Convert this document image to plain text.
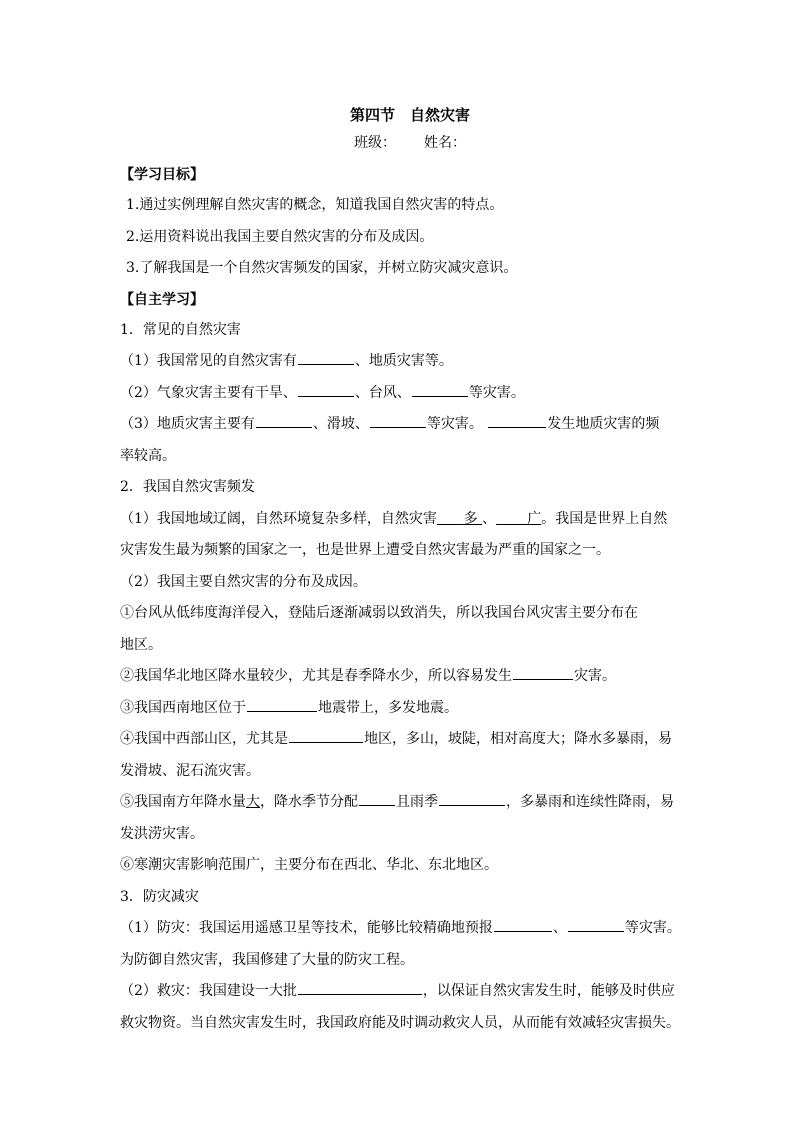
第四节　自然灾害
班级： 姓名：
【学习目标】
1.通过实例理解自然灾害的概念，知道我国自然灾害的特点。
2.运用资料说出我国主要自然灾害的分布及成因。
3.了解我国是一个自然灾害频发的国家，并树立防灾减灾意识。
【自主学习】
1．常见的自然灾害
（1）我国常见的自然灾害有	、地质灾害等。
（2）气象灾害主要有干旱、	、台风、	等灾害。
（3）地质灾害主要有	、滑坡、	等灾害。	发生地质灾害的频
率较高。
2．我国自然灾害频发
（1）我国地域辽阔，自然环境复杂多样，自然灾害 多 、 广。我国是世界上自然
灾害发生最为频繁的国家之一，也是世界上遭受自然灾害最为严重的国家之一。
（2）我国主要自然灾害的分布及成因。
①台风从低纬度海洋侵入，登陆后逐渐减弱以致消失，所以我国台风灾害主要分布在
地区。
②我国华北地区降水量较少，尤其是春季降水少，所以容易发生	灾害。
③我国西南地区位于	地震带上，多发地震。
④我国中西部山区，尤其是	地区，多山，坡陡，相对高度大；降水多暴雨，易
发滑坡、泥石流灾害。
⑤我国南方年降水量大，降水季节分配	且雨季	，多暴雨和连续性降雨，易
发洪涝灾害。
⑥寒潮灾害影响范围广，主要分布在西北、华北、东北地区。
3．防灾减灾
（1）防灾：我国运用遥感卫星等技术，能够比较精确地预报	、	等灾害。
为防御自然灾害，我国修建了大量的防灾工程。
（2）救灾：我国建设一大批	，以保证自然灾害发生时，能够及时供应
救灾物资。当自然灾害发生时，我国政府能及时调动救灾人员，从而能有效减轻灾害损失。
